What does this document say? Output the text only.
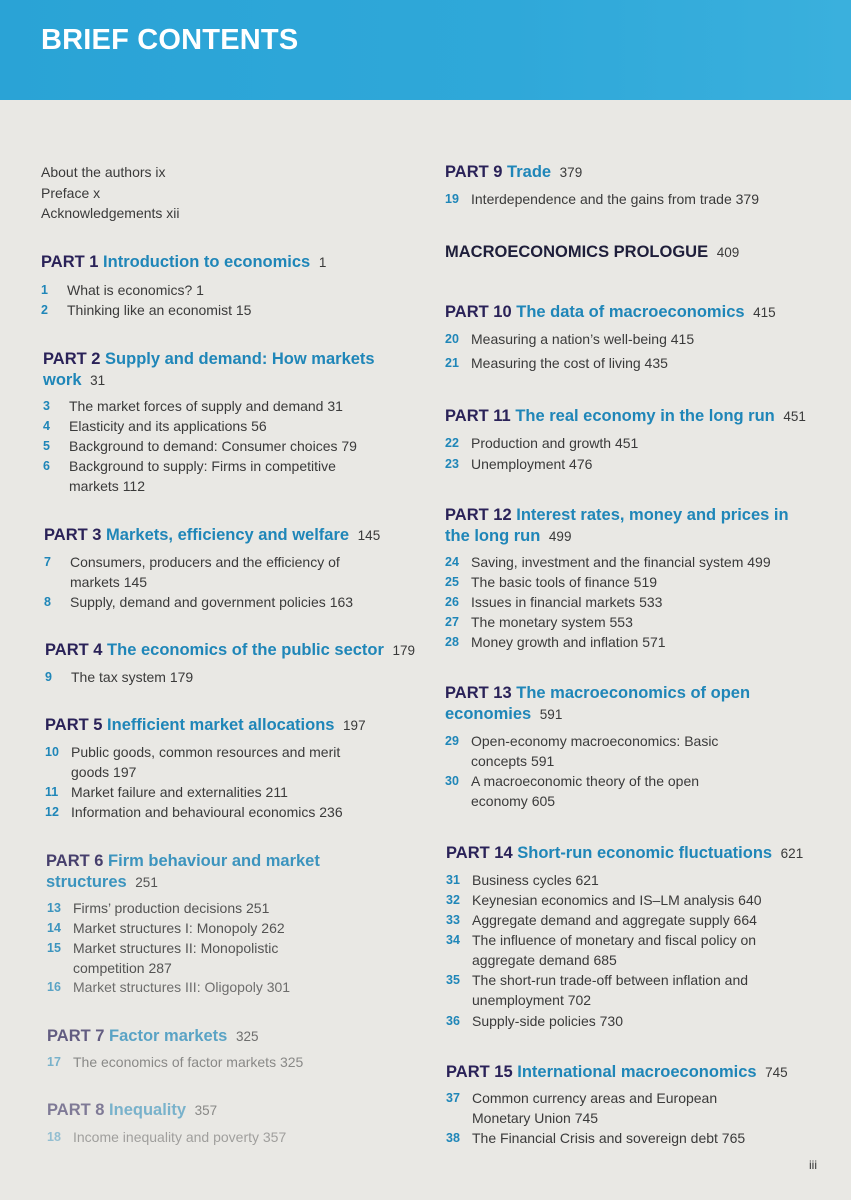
BRIEF CONTENTS
About the authors ix
Preface x
Acknowledgements xii
PART 1 Introduction to economics 1
1 What is economics? 1
2 Thinking like an economist 15
PART 2 Supply and demand: How markets
work 31
3 The market forces of supply and demand 31
4 Elasticity and its applications 56
5 Background to demand: Consumer choices 79
6 Background to supply: Firms in competitive
markets 112
PART 3 Markets, efficiency and welfare 145
7 Consumers, producers and the efficiency of
markets 145
8 Supply, demand and government policies 163
PART 4 The economics of the public sector 179
9 The tax system 179
PART 5 Inefficient market allocations 197
10 Public goods, common resources and merit
goods 197
11 Market failure and externalities 211
12 Information and behavioural economics 236
PART 6 Firm behaviour and market
structures 251
13 Firms’ production decisions 251
14 Market structures I: Monopoly 262
15 Market structures II: Monopolistic
competition 287
16 Market structures III: Oligopoly 301
PART 7 Factor markets 325
17 The economics of factor markets 325
PART 8 Inequality 357
18 Income inequality and poverty 357
PART 9 Trade 379
19 Interdependence and the gains from trade 379
MACROECONOMICS PROLOGUE 409
PART 10 The data of macroeconomics 415
20 Measuring a nation’s well-being 415
21 Measuring the cost of living 435
PART 11 The real economy in the long run 451
22 Production and growth 451
23 Unemployment 476
PART 12 Interest rates, money and prices in
the long run 499
24 Saving, investment and the financial system 499
25 The basic tools of finance 519
26 Issues in financial markets 533
27 The monetary system 553
28 Money growth and inflation 571
PART 13 The macroeconomics of open
economies 591
29 Open-economy macroeconomics: Basic
concepts 591
30 A macroeconomic theory of the open
economy 605
PART 14 Short-run economic fluctuations 621
31 Business cycles 621
32 Keynesian economics and IS–LM analysis 640
33 Aggregate demand and aggregate supply 664
34 The influence of monetary and fiscal policy on
aggregate demand 685
35 The short-run trade-off between inflation and
unemployment 702
36 Supply-side policies 730
PART 15 International macroeconomics 745
37 Common currency areas and European
Monetary Union 745
38 The Financial Crisis and sovereign debt 765
iii
